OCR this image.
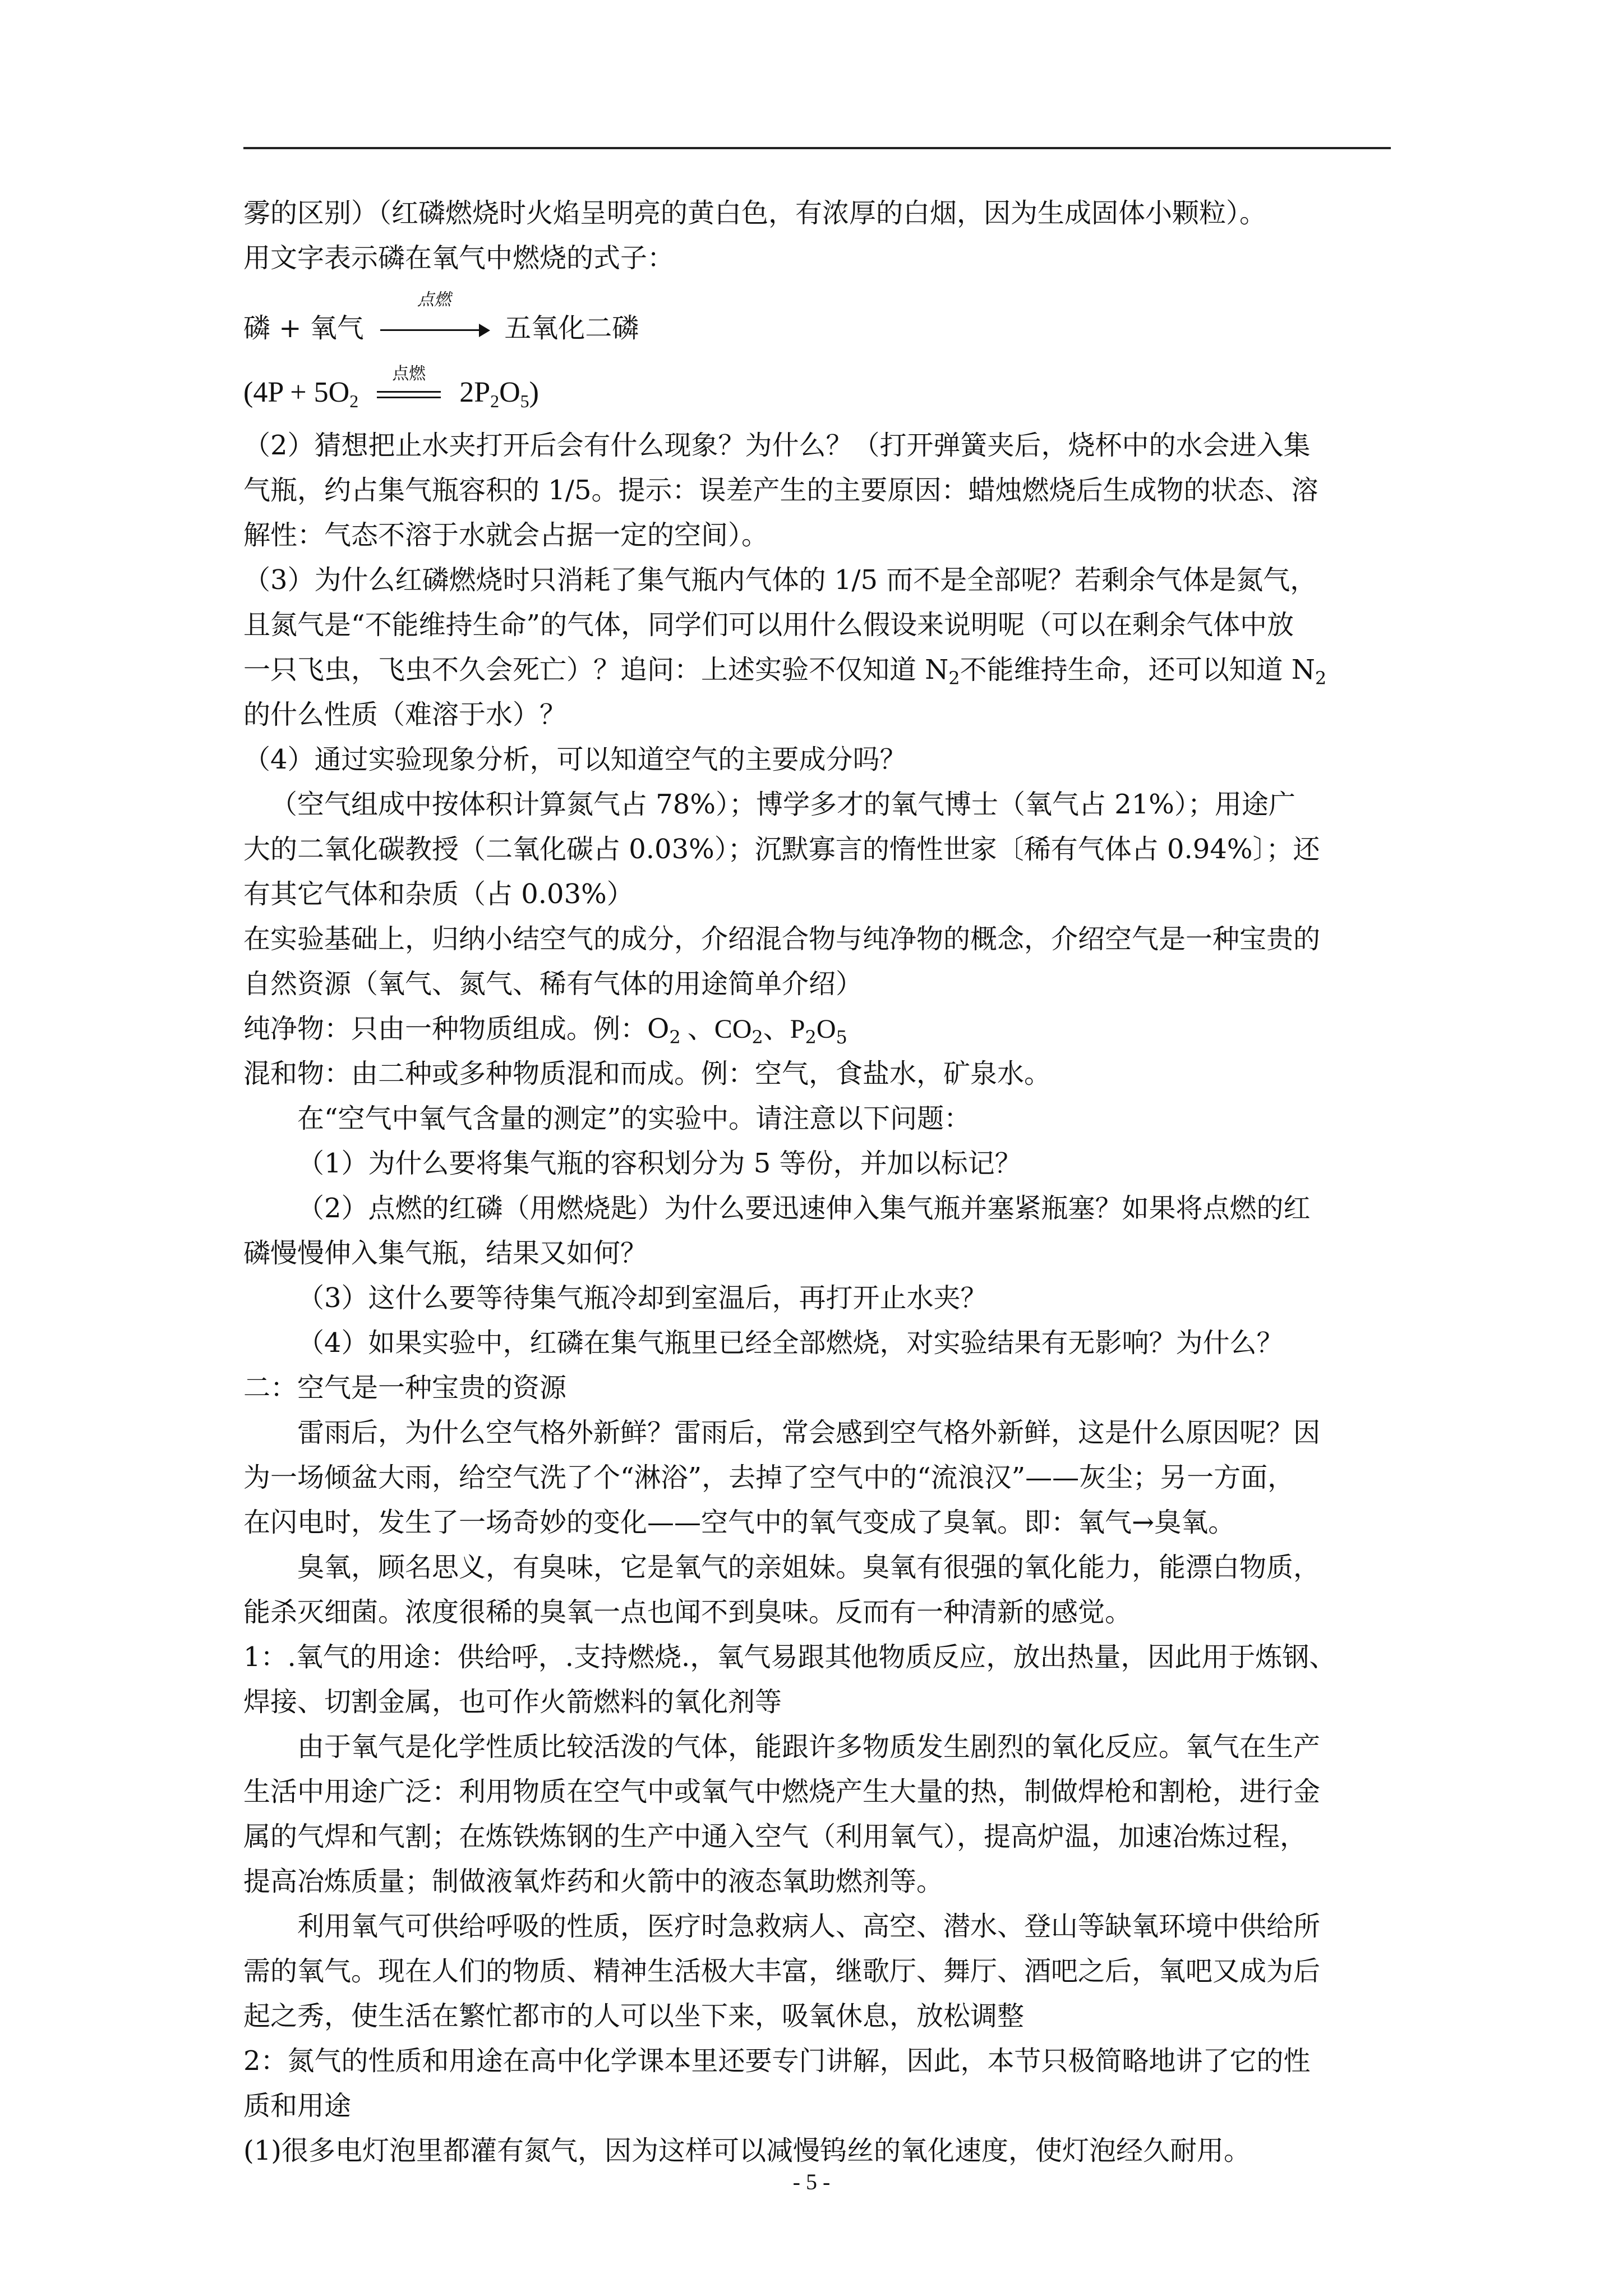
雾的区别）（红磷燃烧时火焰呈明亮的黄白色，有浓厚的白烟，因为生成固体小颗粒）。
用文字表示磷在氧气中燃烧的式子：
磷 + 氧气
点燃
五氧化二磷
($4P + 5O_2$
点燃
$2P_2O_5$)
（2）猜想把止水夹打开后会有什么现象？为什么？（打开弹簧夹后，烧杯中的水会进入集
气瓶，约占集气瓶容积的 1/5。提示：误差产生的主要原因：蜡烛燃烧后生成物的状态、溶
解性：气态不溶于水就会占据一定的空间）。
（3）为什么红磷燃烧时只消耗了集气瓶内气体的 1/5 而不是全部呢？若剩余气体是氮气，
且氮气是“不能维持生命”的气体，同学们可以用什么假设来说明呢（可以在剩余气体中放
一只飞虫，飞虫不久会死亡）？追问：上述实验不仅知道 $N_2$不能维持生命，还可以知道 $N_2$
的什么性质（难溶于水）？
（4）通过实验现象分析，可以知道空气的主要成分吗？
（空气组成中按体积计算氮气占 78%）；博学多才的氧气博士（氧气占 21%）；用途广
大的二氧化碳教授（二氧化碳占 0.03%）；沉默寡言的惰性世家〔稀有气体占 0.94%〕；还
有其它气体和杂质（占 0.03%）
在实验基础上，归纳小结空气的成分，介绍混合物与纯净物的概念，介绍空气是一种宝贵的
自然资源（氧气、氮气、稀有气体的用途简单介绍）
纯净物：只由一种物质组成。例：$O_2$ 、$CO_2$、$P_2O_5$
混和物：由二种或多种物质混和而成。例：空气，食盐水，矿泉水。
在“空气中氧气含量的测定”的实验中。请注意以下问题：
（1）为什么要将集气瓶的容积划分为 5 等份，并加以标记？
（2）点燃的红磷（用燃烧匙）为什么要迅速伸入集气瓶并塞紧瓶塞？如果将点燃的红
磷慢慢伸入集气瓶，结果又如何？
（3）这什么要等待集气瓶冷却到室温后，再打开止水夹？
（4）如果实验中，红磷在集气瓶里已经全部燃烧，对实验结果有无影响？为什么？
二：空气是一种宝贵的资源
雷雨后，为什么空气格外新鲜？雷雨后，常会感到空气格外新鲜，这是什么原因呢？因
为一场倾盆大雨，给空气洗了个“淋浴”，去掉了空气中的“流浪汉”——灰尘；另一方面，
在闪电时，发生了一场奇妙的变化——空气中的氧气变成了臭氧。即：氧气→臭氧。
臭氧，顾名思义，有臭味，它是氧气的亲姐妹。臭氧有很强的氧化能力，能漂白物质，
能杀灭细菌。浓度很稀的臭氧一点也闻不到臭味。反而有一种清新的感觉。
1：.氧气的用途：供给呼，.支持燃烧.，氧气易跟其他物质反应，放出热量，因此用于炼钢、
焊接、切割金属，也可作火箭燃料的氧化剂等
由于氧气是化学性质比较活泼的气体，能跟许多物质发生剧烈的氧化反应。氧气在生产
生活中用途广泛：利用物质在空气中或氧气中燃烧产生大量的热，制做焊枪和割枪，进行金
属的气焊和气割；在炼铁炼钢的生产中通入空气（利用氧气），提高炉温，加速冶炼过程，
提高冶炼质量；制做液氧炸药和火箭中的液态氧助燃剂等。
利用氧气可供给呼吸的性质，医疗时急救病人、高空、潜水、登山等缺氧环境中供给所
需的氧气。现在人们的物质、精神生活极大丰富，继歌厅、舞厅、酒吧之后，氧吧又成为后
起之秀，使生活在繁忙都市的人可以坐下来，吸氧休息，放松调整
2：氮气的性质和用途在高中化学课本里还要专门讲解，因此，本节只极简略地讲了它的性
质和用途
(1)很多电灯泡里都灌有氮气，因为这样可以减慢钨丝的氧化速度，使灯泡经久耐用。
- 5 -
